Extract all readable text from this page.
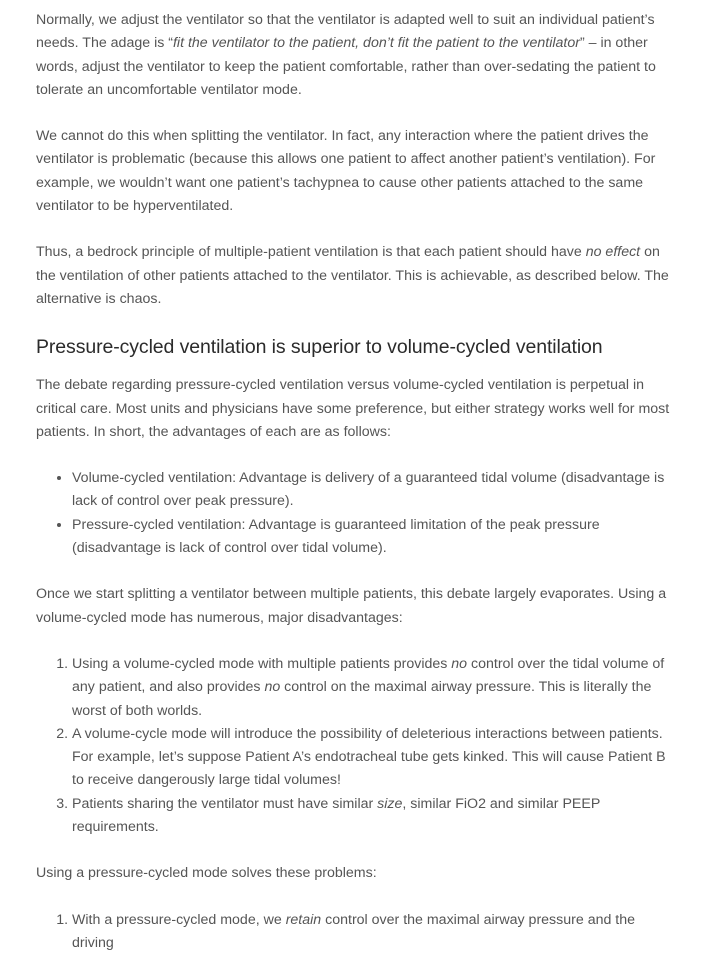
Normally, we adjust the ventilator so that the ventilator is adapted well to suit an individual patient’s needs. The adage is “fit the ventilator to the patient, don’t fit the patient to the ventilator” – in other words, adjust the ventilator to keep the patient comfortable, rather than over-sedating the patient to tolerate an uncomfortable ventilator mode.

We cannot do this when splitting the ventilator. In fact, any interaction where the patient drives the ventilator is problematic (because this allows one patient to affect another patient’s ventilation). For example, we wouldn’t want one patient’s tachypnea to cause other patients attached to the same ventilator to be hyperventilated.

Thus, a bedrock principle of multiple-patient ventilation is that each patient should have no effect on the ventilation of other patients attached to the ventilator. This is achievable, as described below. The alternative is chaos.

Pressure-cycled ventilation is superior to volume-cycled ventilation

The debate regarding pressure-cycled ventilation versus volume-cycled ventilation is perpetual in critical care. Most units and physicians have some preference, but either strategy works well for most patients. In short, the advantages of each are as follows:

• Volume-cycled ventilation: Advantage is delivery of a guaranteed tidal volume (disadvantage is lack of control over peak pressure).
• Pressure-cycled ventilation: Advantage is guaranteed limitation of the peak pressure (disadvantage is lack of control over tidal volume).

Once we start splitting a ventilator between multiple patients, this debate largely evaporates. Using a volume-cycled mode has numerous, major disadvantages:

1. Using a volume-cycled mode with multiple patients provides no control over the tidal volume of any patient, and also provides no control on the maximal airway pressure. This is literally the worst of both worlds.
2. A volume-cycle mode will introduce the possibility of deleterious interactions between patients. For example, let’s suppose Patient A’s endotracheal tube gets kinked. This will cause Patient B to receive dangerously large tidal volumes!
3. Patients sharing the ventilator must have similar size, similar FiO2 and similar PEEP requirements.

Using a pressure-cycled mode solves these problems:

1. With a pressure-cycled mode, we retain control over the maximal airway pressure and the driving
